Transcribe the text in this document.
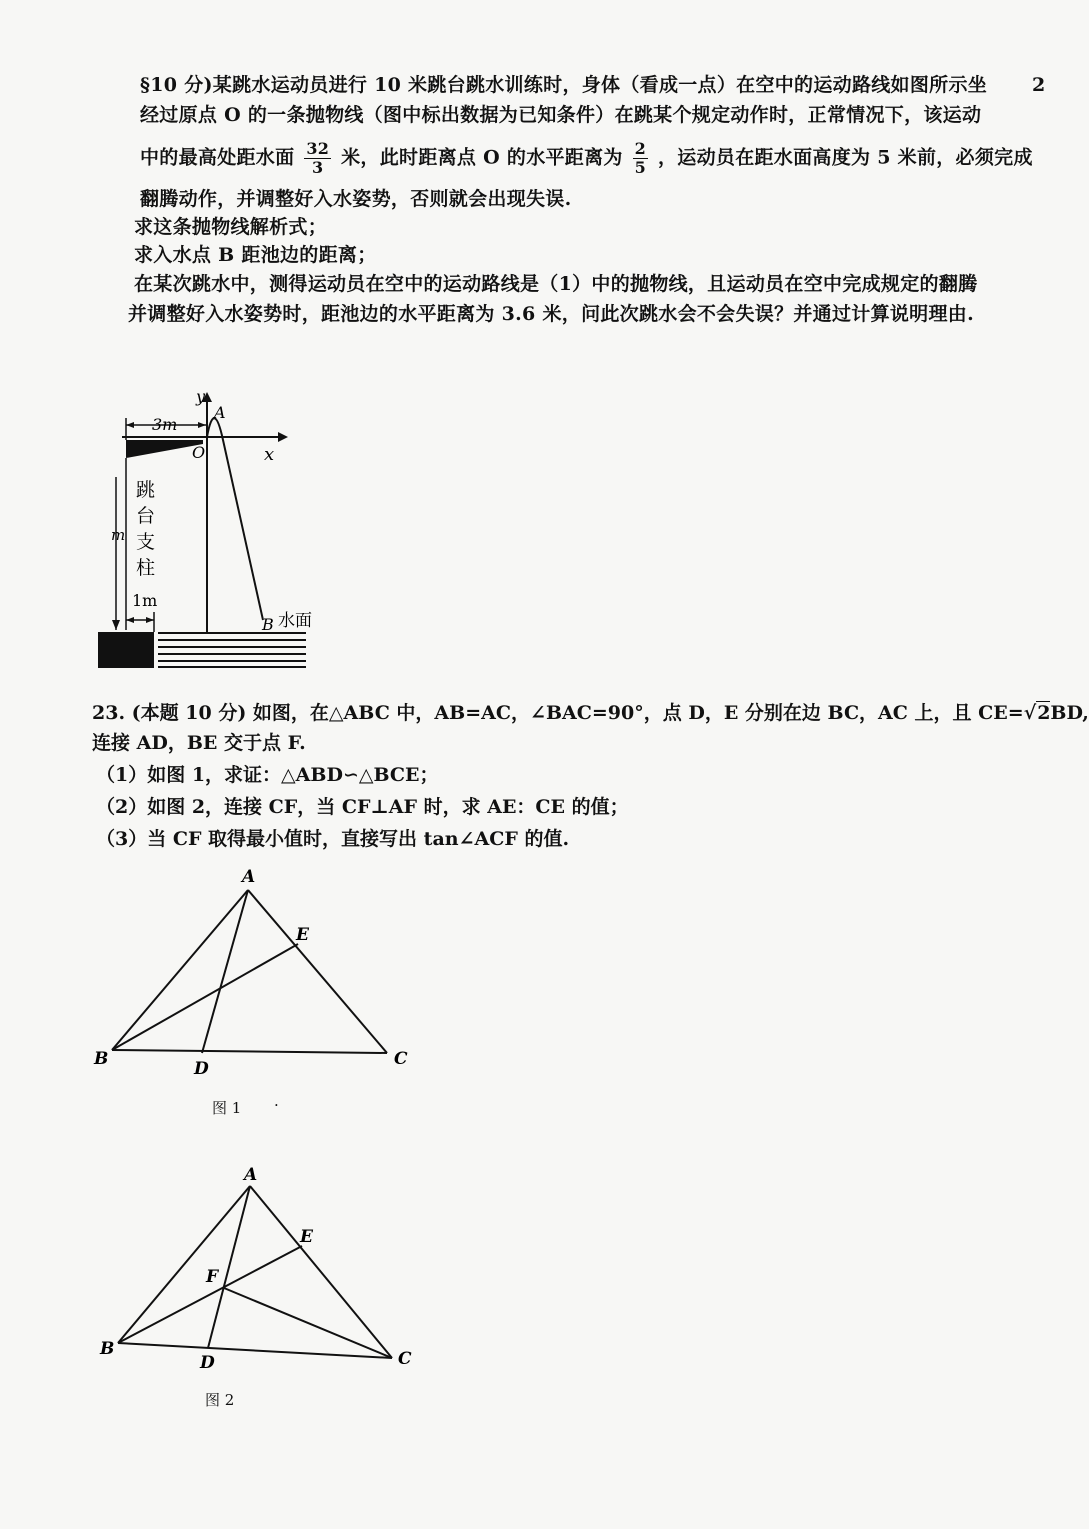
2
§10 分)某跳水运动员进行 10 米跳台跳水训练时，身体（看成一点）在空中的运动路线如图所示坐
经过原点 O 的一条抛物线（图中标出数据为已知条件）在跳某个规定动作时，正常情况下，该运动
中的最高处距水面 $\frac{32}{3}$ 米，此时距离点 O 的水平距离为 $\frac{2}{5}$ ，运动员在距水面高度为 5 米前，必须完成
翻腾动作，并调整好入水姿势，否则就会出现失误.
求这条抛物线解析式；
求入水点 B 距池边的距离；
在某次跳水中，测得运动员在空中的运动路线是（1）中的抛物线，且运动员在空中完成规定的翻腾
并调整好入水姿势时，距池边的水平距离为 3.6 米，问此次跳水会不会失误？并通过计算说明理由.
y
A
3m
O	x
跳
台
支
柱
m
1m
B 水面
23. (本题 10 分) 如图，在△ABC 中，AB=AC，∠BAC=90°，点 D，E 分别在边 BC，AC 上，且 CE=√2BD,
连接 AD，BE 交于点 F.
（1）如图 1，求证：△ABD∽△BCE；
（2）如图 2，连接 CF，当 CF⊥AF 时，求 AE：CE 的值；
（3）当 CF 取得最小值时，直接写出 tan∠ACF 的值.
A
E
B	D	C
图 1 ·
A
E
F
B
D	C
图 2
